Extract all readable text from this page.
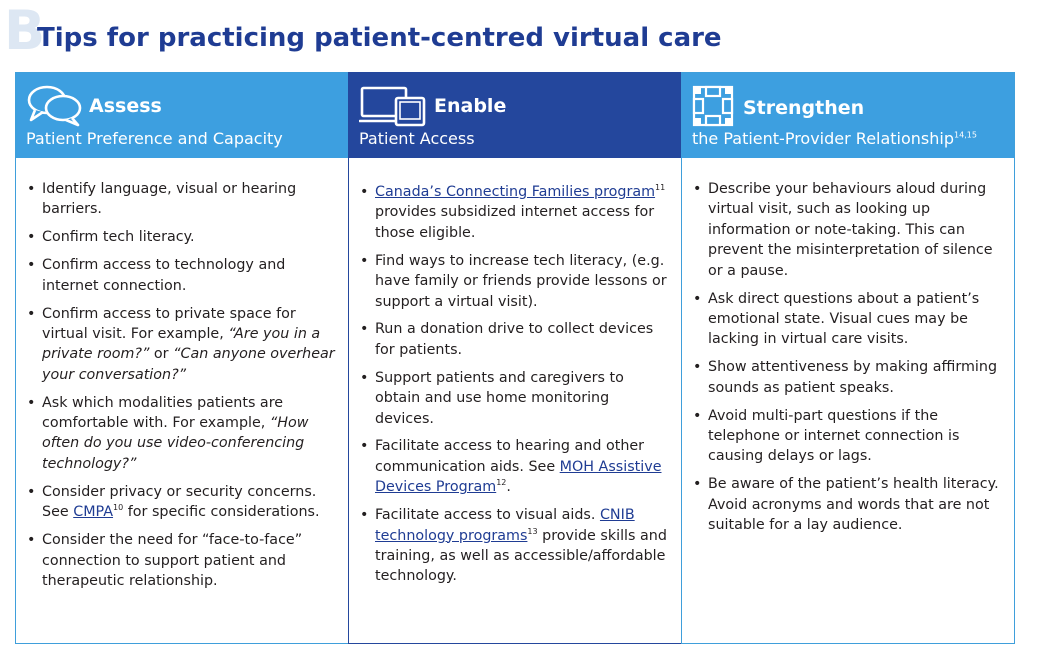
B
Tips for practicing patient-centred virtual care
Assess
Patient Preference and Capacity
• Identify language, visual or hearing barriers.
• Confirm tech literacy.
• Confirm access to technology and internet connection.
• Confirm access to private space for virtual visit. For example, “Are you in a private room?” or “Can anyone overhear your conversation?”
• Ask which modalities patients are comfortable with. For example, “How often do you use video-conferencing technology?”
• Consider privacy or security concerns. See CMPA$^{10}$ for specific considerations.
• Consider the need for “face-to-face” connection to support patient and therapeutic relationship.
Enable
Patient Access
• Canada’s Connecting Families program$^{11}$ provides subsidized internet access for those eligible.
• Find ways to increase tech literacy, (e.g. have family or friends provide lessons or support a virtual visit).
• Run a donation drive to collect devices for patients.
• Support patients and caregivers to obtain and use home monitoring devices.
• Facilitate access to hearing and other communication aids. See MOH Assistive Devices Program$^{12}$.
• Facilitate access to visual aids. CNIB technology programs$^{13}$ provide skills and training, as well as accessible/affordable technology.
Strengthen
the Patient-Provider Relationship$^{14,15}$
• Describe your behaviours aloud during virtual visit, such as looking up information or note-taking. This can prevent the misinterpretation of silence or a pause.
• Ask direct questions about a patient’s emotional state. Visual cues may be lacking in virtual care visits.
• Show attentiveness by making affirming sounds as patient speaks.
• Avoid multi-part questions if the telephone or internet connection is causing delays or lags.
• Be aware of the patient’s health literacy. Avoid acronyms and words that are not suitable for a lay audience.
